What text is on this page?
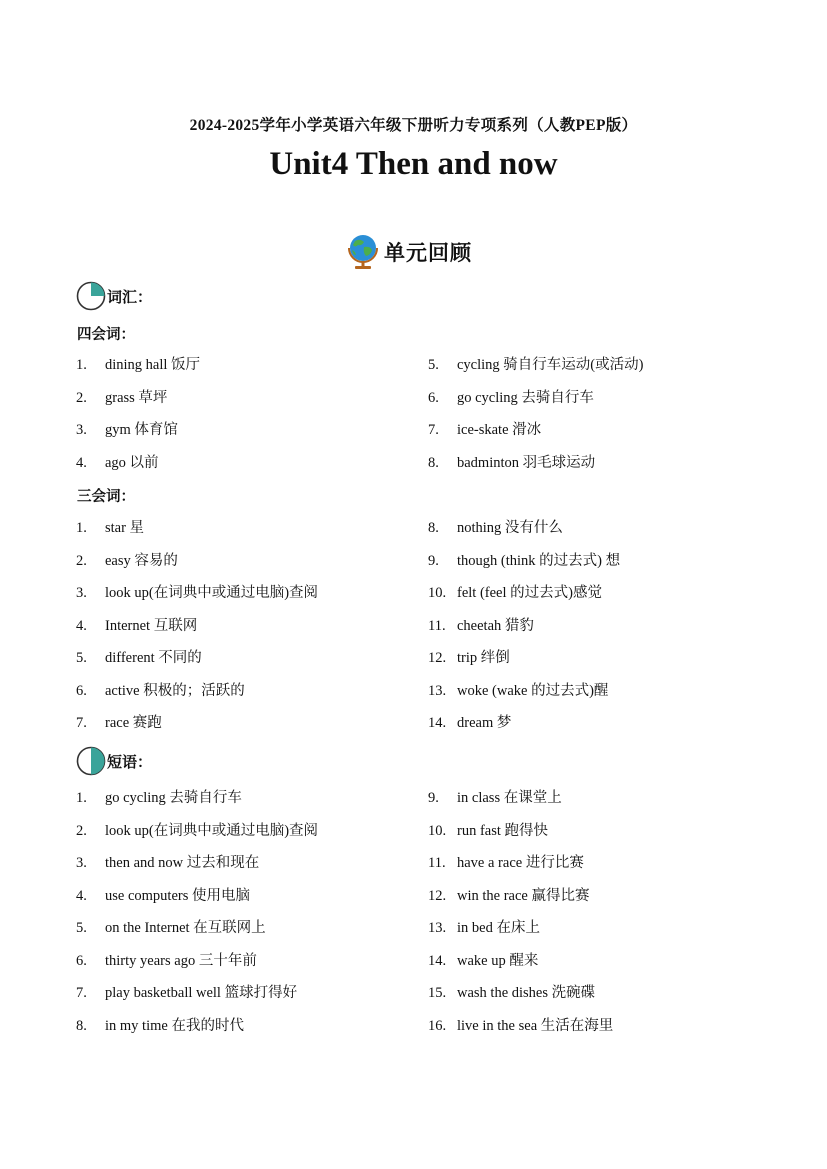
2024-2025学年小学英语六年级下册听力专项系列（人教PEP版）
Unit4 Then and now
单元回顾
词汇：
四会词：
1. dining hall 饭厅
2. grass 草坪
3. gym 体育馆
4. ago 以前
5. cycling 骑自行车运动(或活动)
6. go cycling 去骑自行车
7. ice-skate 滑冰
8. badminton 羽毛球运动
三会词：
1. star 星
2. easy 容易的
3. look up(在词典中或通过电脑)查阅
4. Internet 互联网
5. different 不同的
6. active 积极的；活跃的
7. race 赛跑
8. nothing 没有什么
9. though (think 的过去式) 想
10. felt (feel 的过去式)感觉
11. cheetah 猎豹
12. trip 绊倒
13. woke (wake 的过去式)醒
14. dream 梦
短语：
1. go cycling 去骑自行车
2. look up(在词典中或通过电脑)查阅
3. then and now 过去和现在
4. use computers 使用电脑
5. on the Internet 在互联网上
6. thirty years ago 三十年前
7. play basketball well 篮球打得好
8. in my time 在我的时代
9. in class 在课堂上
10. run fast 跑得快
11. have a race 进行比赛
12. win the race 赢得比赛
13. in bed 在床上
14. wake up 醒来
15. wash the dishes 洗碗碟
16. live in the sea 生活在海里
